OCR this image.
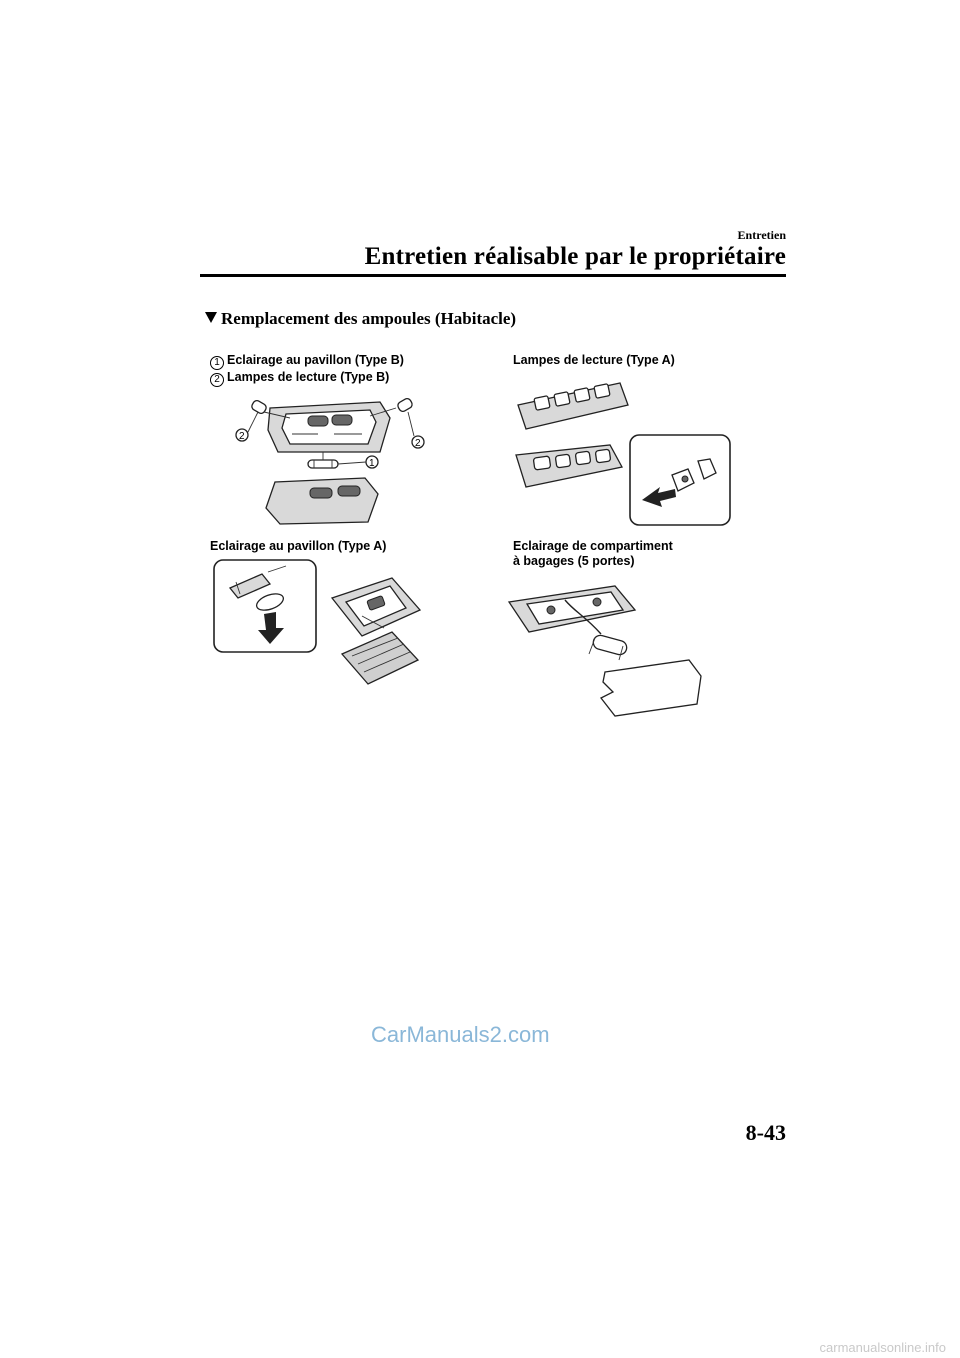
Entretien
Entretien réalisable par le propriétaire
Remplacement des ampoules (Habitacle)
1 Eclairage au pavillon (Type B)
2 Lampes de lecture (Type B)
2
2
1
Lampes de lecture (Type A)
Eclairage au pavillon (Type A)	Eclairage de compartiment
à bagages (5 portes)
8-43
CarManuals2.com
carmanualsonline.info
